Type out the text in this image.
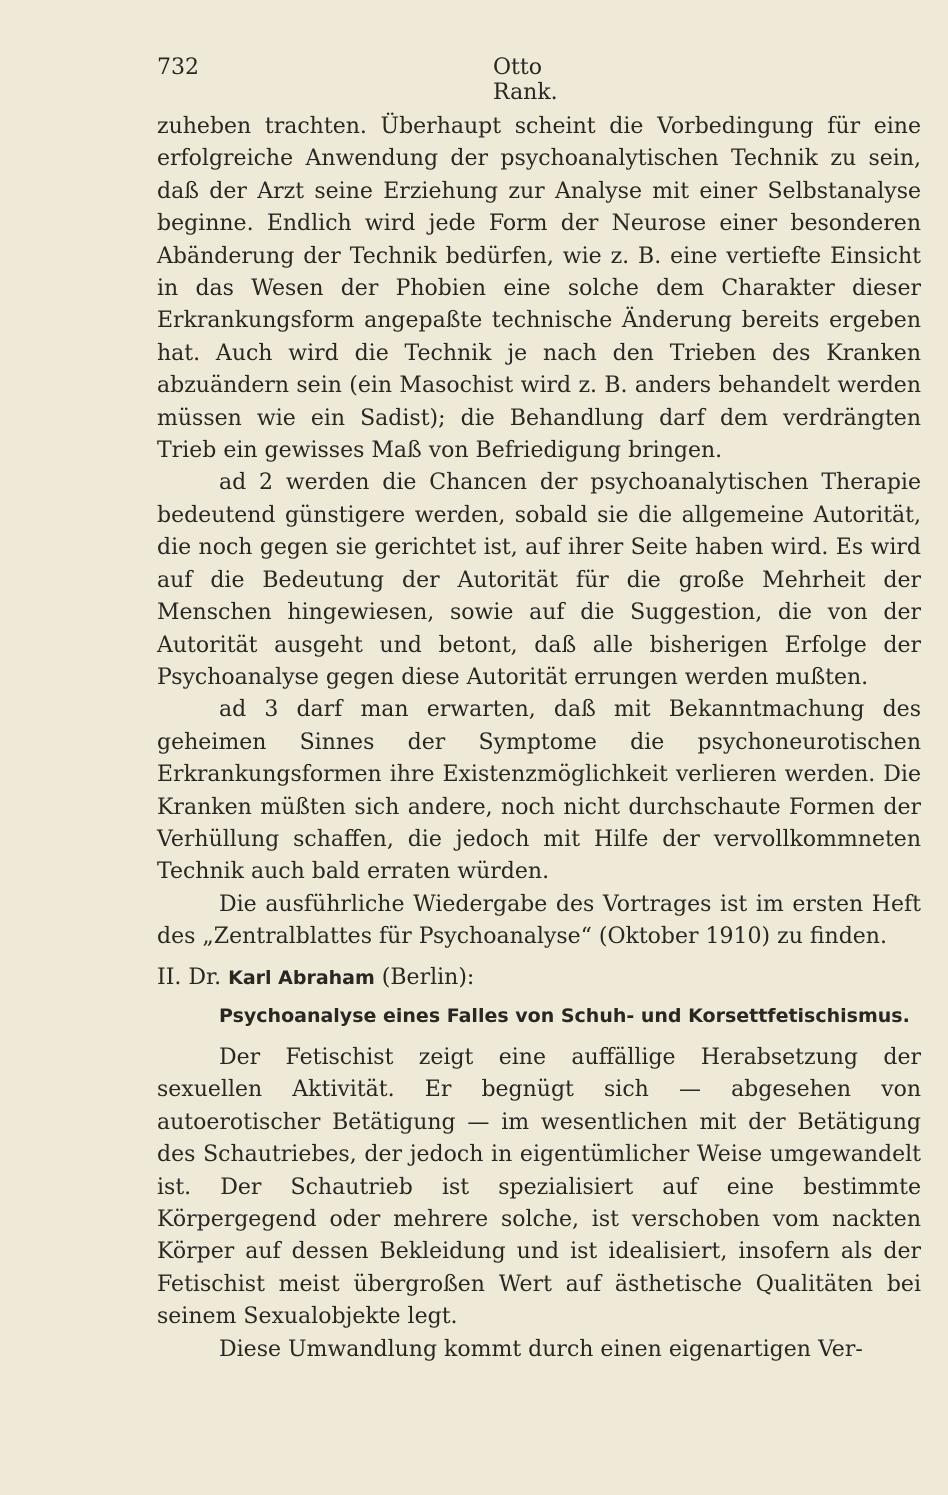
732	Otto Rank.

zuheben trachten. Überhaupt scheint die Vorbedingung für eine erfolgreiche Anwendung der psychoanalytischen Technik zu sein, daß der Arzt seine Erziehung zur Analyse mit einer Selbstanalyse beginne. Endlich wird jede Form der Neurose einer besonderen Abänderung der Technik bedürfen, wie z. B. eine vertiefte Einsicht in das Wesen der Phobien eine solche dem Charakter dieser Erkrankungsform angepaßte technische Änderung bereits ergeben hat. Auch wird die Technik je nach den Trieben des Kranken abzuändern sein (ein Masochist wird z. B. anders behandelt werden müssen wie ein Sadist); die Behandlung darf dem verdrängten Trieb ein gewisses Maß von Befriedigung bringen.

ad 2 werden die Chancen der psychoanalytischen Therapie bedeutend günstigere werden, sobald sie die allgemeine Autorität, die noch gegen sie gerichtet ist, auf ihrer Seite haben wird. Es wird auf die Bedeutung der Autorität für die große Mehrheit der Menschen hingewiesen, sowie auf die Suggestion, die von der Autorität ausgeht und betont, daß alle bisherigen Erfolge der Psychoanalyse gegen diese Autorität errungen werden mußten.

ad 3 darf man erwarten, daß mit Bekanntmachung des geheimen Sinnes der Symptome die psychoneurotischen Erkrankungsformen ihre Existenzmöglichkeit verlieren werden. Die Kranken müßten sich andere, noch nicht durchschaute Formen der Verhüllung schaffen, die jedoch mit Hilfe der vervollkommneten Technik auch bald erraten würden.

Die ausführliche Wiedergabe des Vortrages ist im ersten Heft des „Zentralblattes für Psychoanalyse“ (Oktober 1910) zu finden.

II. Dr. Karl Abraham (Berlin):

Psychoanalyse eines Falles von Schuh- und Korsettfetischismus.

Der Fetischist zeigt eine auffällige Herabsetzung der sexuellen Aktivität. Er begnügt sich — abgesehen von autoerotischer Betätigung — im wesentlichen mit der Betätigung des Schautriebes, der jedoch in eigentümlicher Weise umgewandelt ist. Der Schautrieb ist spezialisiert auf eine bestimmte Körpergegend oder mehrere solche, ist verschoben vom nackten Körper auf dessen Bekleidung und ist idealisiert, insofern als der Fetischist meist übergroßen Wert auf ästhetische Qualitäten bei seinem Sexualobjekte legt.

Diese Umwandlung kommt durch einen eigenartigen Ver-
